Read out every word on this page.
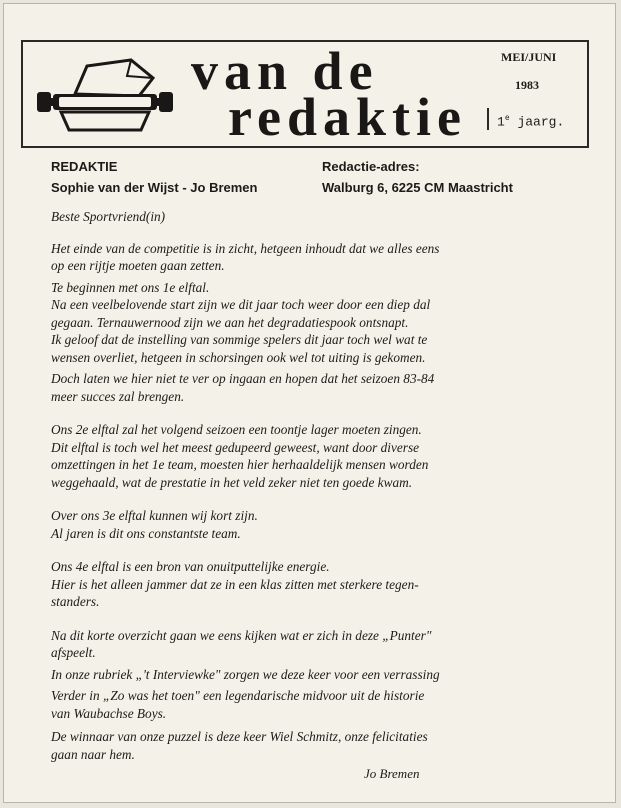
van de
redaktie
MEI/JUNI
1983
1e jaarg.
REDAKTIE
Sophie van der Wijst - Jo Bremen
Redactie-adres:
Walburg 6, 6225 CM Maastricht

Beste Sportvriend(in)

Het einde van de competitie is in zicht, hetgeen inhoudt dat we alles eens
op een rijtje moeten gaan zetten.

Te beginnen met ons 1e elftal.
Na een veelbelovende start zijn we dit jaar toch weer door een diep dal
gegaan. Ternauwernood zijn we aan het degradatiespook ontsnapt.
Ik geloof dat de instelling van sommige spelers dit jaar toch wel wat te
wensen overliet, hetgeen in schorsingen ook wel tot uiting is gekomen.

Doch laten we hier niet te ver op ingaan en hopen dat het seizoen 83-84
meer succes zal brengen.

Ons 2e elftal zal het volgend seizoen een toontje lager moeten zingen.
Dit elftal is toch wel het meest gedupeerd geweest, want door diverse
omzettingen in het 1e team, moesten hier herhaaldelijk mensen worden
weggehaald, wat de prestatie in het veld zeker niet ten goede kwam.

Over ons 3e elftal kunnen wij kort zijn.
Al jaren is dit ons constantste team.

Ons 4e elftal is een bron van onuitputtelijke energie.
Hier is het alleen jammer dat ze in een klas zitten met sterkere tegen-
standers.

Na dit korte overzicht gaan we eens kijken wat er zich in deze „Punter"
afspeelt.

In onze rubriek „'t Interviewke" zorgen we deze keer voor een verrassing

Verder in „Zo was het toen" een legendarische midvoor uit de historie
van Waubachse Boys.

De winnaar van onze puzzel is deze keer Wiel Schmitz, onze felicitaties
gaan naar hem.

Jo Bremen
